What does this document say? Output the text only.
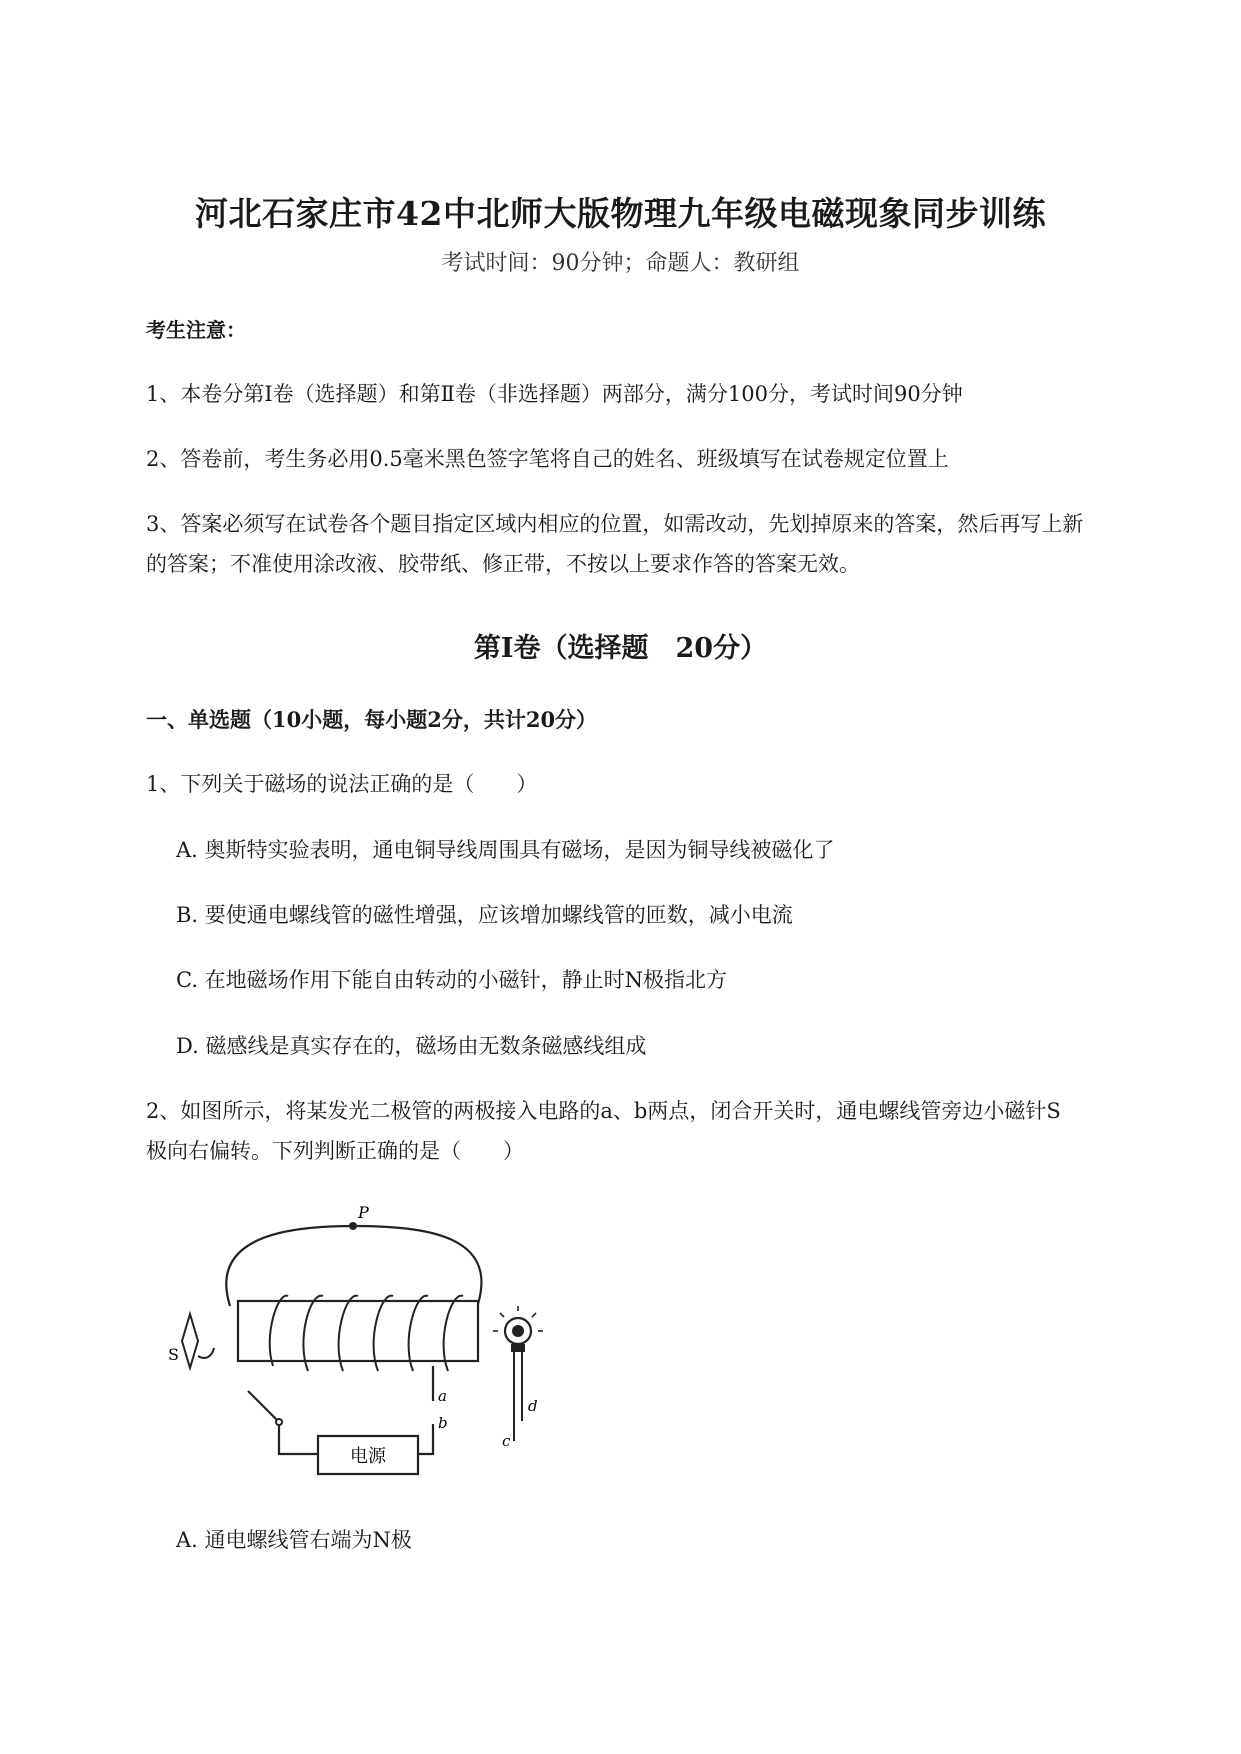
河北石家庄市42中北师大版物理九年级电磁现象同步训练
考试时间：90分钟；命题人：教研组
考生注意：
1、本卷分第I卷（选择题）和第Ⅱ卷（非选择题）两部分，满分100分，考试时间90分钟
2、答卷前，考生务必用0.5毫米黑色签字笔将自己的姓名、班级填写在试卷规定位置上
3、答案必须写在试卷各个题目指定区域内相应的位置，如需改动，先划掉原来的答案，然后再写上新
的答案；不准使用涂改液、胶带纸、修正带，不按以上要求作答的答案无效。
第I卷（选择题　20分）
一、单选题（10小题，每小题2分，共计20分）
1、下列关于磁场的说法正确的是（　　）
A. 奥斯特实验表明，通电铜导线周围具有磁场，是因为铜导线被磁化了
B. 要使通电螺线管的磁性增强，应该增加螺线管的匝数，减小电流
C. 在地磁场作用下能自由转动的小磁针，静止时N极指北方
D. 磁感线是真实存在的，磁场由无数条磁感线组成
2、如图所示，将某发光二极管的两极接入电路的a、b两点，闭合开关时，通电螺线管旁边小磁针S
极向右偏转。下列判断正确的是（　　）
P
S
电源
a
b
c
d
A. 通电螺线管右端为N极
